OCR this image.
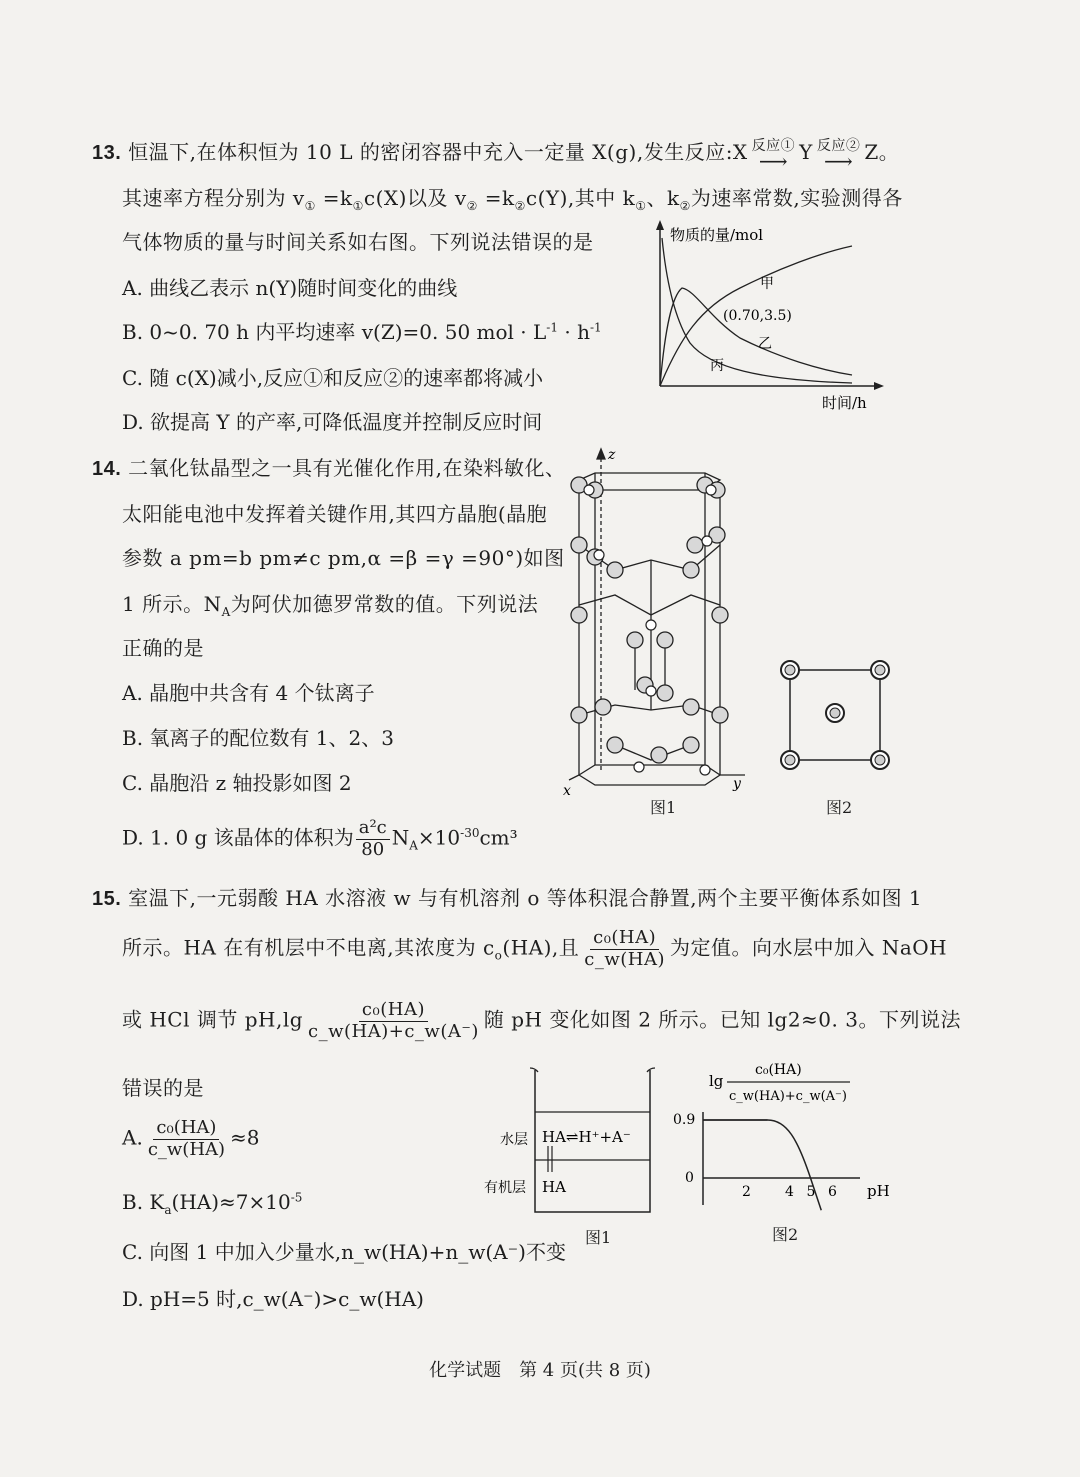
13. 恒温下,在体积恒为 10 L 的密闭容器中充入一定量 X(g),发生反应:X 反应①
⟶ Y 反应②
⟶ Z。
其速率方程分别为 $v_① =k_①c(X)$以及 $v_② =k_②c(Y)$,其中 $k_①$、$k_②$为速率常数,实验测得各
气体物质的量与时间关系如右图。下列说法错误的是
A. 曲线乙表示 n(Y)随时间变化的曲线
B. 0~0. 70 h 内平均速率 v(Z)=0. 50 mol · $L^{-1} \cdot h^{-1}$
C. 随 c(X)减小,反应①和反应②的速率都将减小
D. 欲提高 Y 的产率,可降低温度并控制反应时间
物质的量/mol
甲
(0.70,3.5)
乙
丙
时间/h
14. 二氧化钛晶型之一具有光催化作用,在染料敏化、
太阳能电池中发挥着关键作用,其四方晶胞(晶胞
参数 a pm=b pm≠c pm,α =β =γ =90°)如图
1 所示。$N_A$为阿伏加德罗常数的值。下列说法
正确的是
A. 晶胞中共含有 4 个钛离子
B. 氧离子的配位数有 1、2、3
C. 晶胞沿 z 轴投影如图 2
D. 1. 0 g 该晶体的体积为 $\frac{\text{a²c}}{80} N_A\times 10^{-30}cm^3$
z
x	y
图1	图2
15. 室温下,一元弱酸 HA 水溶液 w 与有机溶剂 o 等体积混合静置,两个主要平衡体系如图 1
所示。HA 在有机层中不电离,其浓度为 $c_o(HA)$,且 $\frac{\text{c₀(HA)}}{c\_w(HA)}$ 为定值。向水层中加入 NaOH
或 HCl 调节 $pH,\lg \frac{\text{c₀(HA)}}{c\_w(HA)+c\_w(A^-)}$ 随 pH 变化如图 2 所示。已知 lg2≈0. 3。下列说法
错误的是
A. $\frac{\text{c₀(HA)}}{c\_w(HA)} \approx 8$
B. $K_a(HA)\approx 7\times 10^{-5}$
C. 向图 1 中加入少量水,n_w(HA)+n_w(A⁻)不变
D. pH=5 时,c_w(A⁻)>c_w(HA)
水层 HA⇌H⁺+A⁻
有机层 HA
图1
lg
c₀(HA)
c_w(HA)+c_w(A⁻)
0.9
0
2 4 5 6 pH
图2
化学试题　第 4 页(共 8 页)
